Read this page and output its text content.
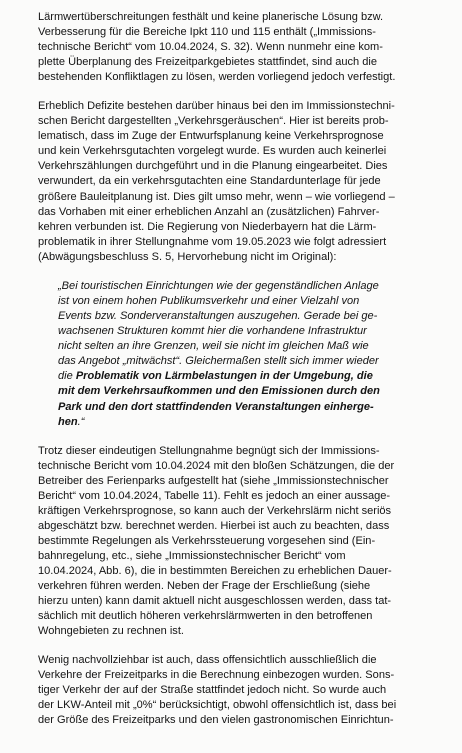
Lärmwertüberschreitungen festhält und keine planerische Lösung bzw.
Verbesserung für die Bereiche Ipkt 110 und 115 enthält („Immissions-
technische Bericht“ vom 10.04.2024, S. 32). Wenn nunmehr eine kom-
plette Überplanung des Freizeitparkgebietes stattfindet, sind auch die
bestehenden Konfliktlagen zu lösen, werden vorliegend jedoch verfestigt.
Erheblich Defizite bestehen darüber hinaus bei den im Immissionstechni-
schen Bericht dargestellten „Verkehrsgeräuschen“. Hier ist bereits prob-
lematisch, dass im Zuge der Entwurfsplanung keine Verkehrsprognose
und kein Verkehrsgutachten vorgelegt wurde. Es wurden auch keinerlei
Verkehrszählungen durchgeführt und in die Planung eingearbeitet. Dies
verwundert, da ein verkehrsgutachten eine Standardunterlage für jede
größere Bauleitplanung ist. Dies gilt umso mehr, wenn – wie vorliegend –
das Vorhaben mit einer erheblichen Anzahl an (zusätzlichen) Fahrver-
kehren verbunden ist. Die Regierung von Niederbayern hat die Lärm-
problematik in ihrer Stellungnahme vom 19.05.2023 wie folgt adressiert
(Abwägungsbeschluss S. 5, Hervorhebung nicht im Original):
„Bei touristischen Einrichtungen wie der gegenständlichen Anlage
ist von einem hohen Publikumsverkehr und einer Vielzahl von
Events bzw. Sonderveranstaltungen auszugehen. Gerade bei ge-
wachsenen Strukturen kommt hier die vorhandene Infrastruktur
nicht selten an ihre Grenzen, weil sie nicht im gleichen Maß wie
das Angebot „mitwächst“. Gleichermaßen stellt sich immer wieder
die Problematik von Lärmbelastungen in der Umgebung, die
mit dem Verkehrsaufkommen und den Emissionen durch den
Park und den dort stattfindenden Veranstaltungen einherge-
hen.“
Trotz dieser eindeutigen Stellungnahme begnügt sich der Immissions-
technische Bericht vom 10.04.2024 mit den bloßen Schätzungen, die der
Betreiber des Ferienparks aufgestellt hat (siehe „Immissionstechnischer
Bericht“ vom 10.04.2024, Tabelle 11). Fehlt es jedoch an einer aussage-
kräftigen Verkehrsprognose, so kann auch der Verkehrslärm nicht seriös
abgeschätzt bzw. berechnet werden. Hierbei ist auch zu beachten, dass
bestimmte Regelungen als Verkehrssteuerung vorgesehen sind (Ein-
bahnregelung, etc., siehe „Immissionstechnischer Bericht“ vom
10.04.2024, Abb. 6), die in bestimmten Bereichen zu erheblichen Dauer-
verkehren führen werden. Neben der Frage der Erschließung (siehe
hierzu unten) kann damit aktuell nicht ausgeschlossen werden, dass tat-
sächlich mit deutlich höheren verkehrslärmwerten in den betroffenen
Wohngebieten zu rechnen ist.
Wenig nachvollziehbar ist auch, dass offensichtlich ausschließlich die
Verkehre der Freizeitparks in die Berechnung einbezogen wurden. Sons-
tiger Verkehr der auf der Straße stattfindet jedoch nicht. So wurde auch
der LKW-Anteil mit „0%“ berücksichtigt, obwohl offensichtlich ist, dass bei
der Größe des Freizeitparks und den vielen gastronomischen Einrichtun-
